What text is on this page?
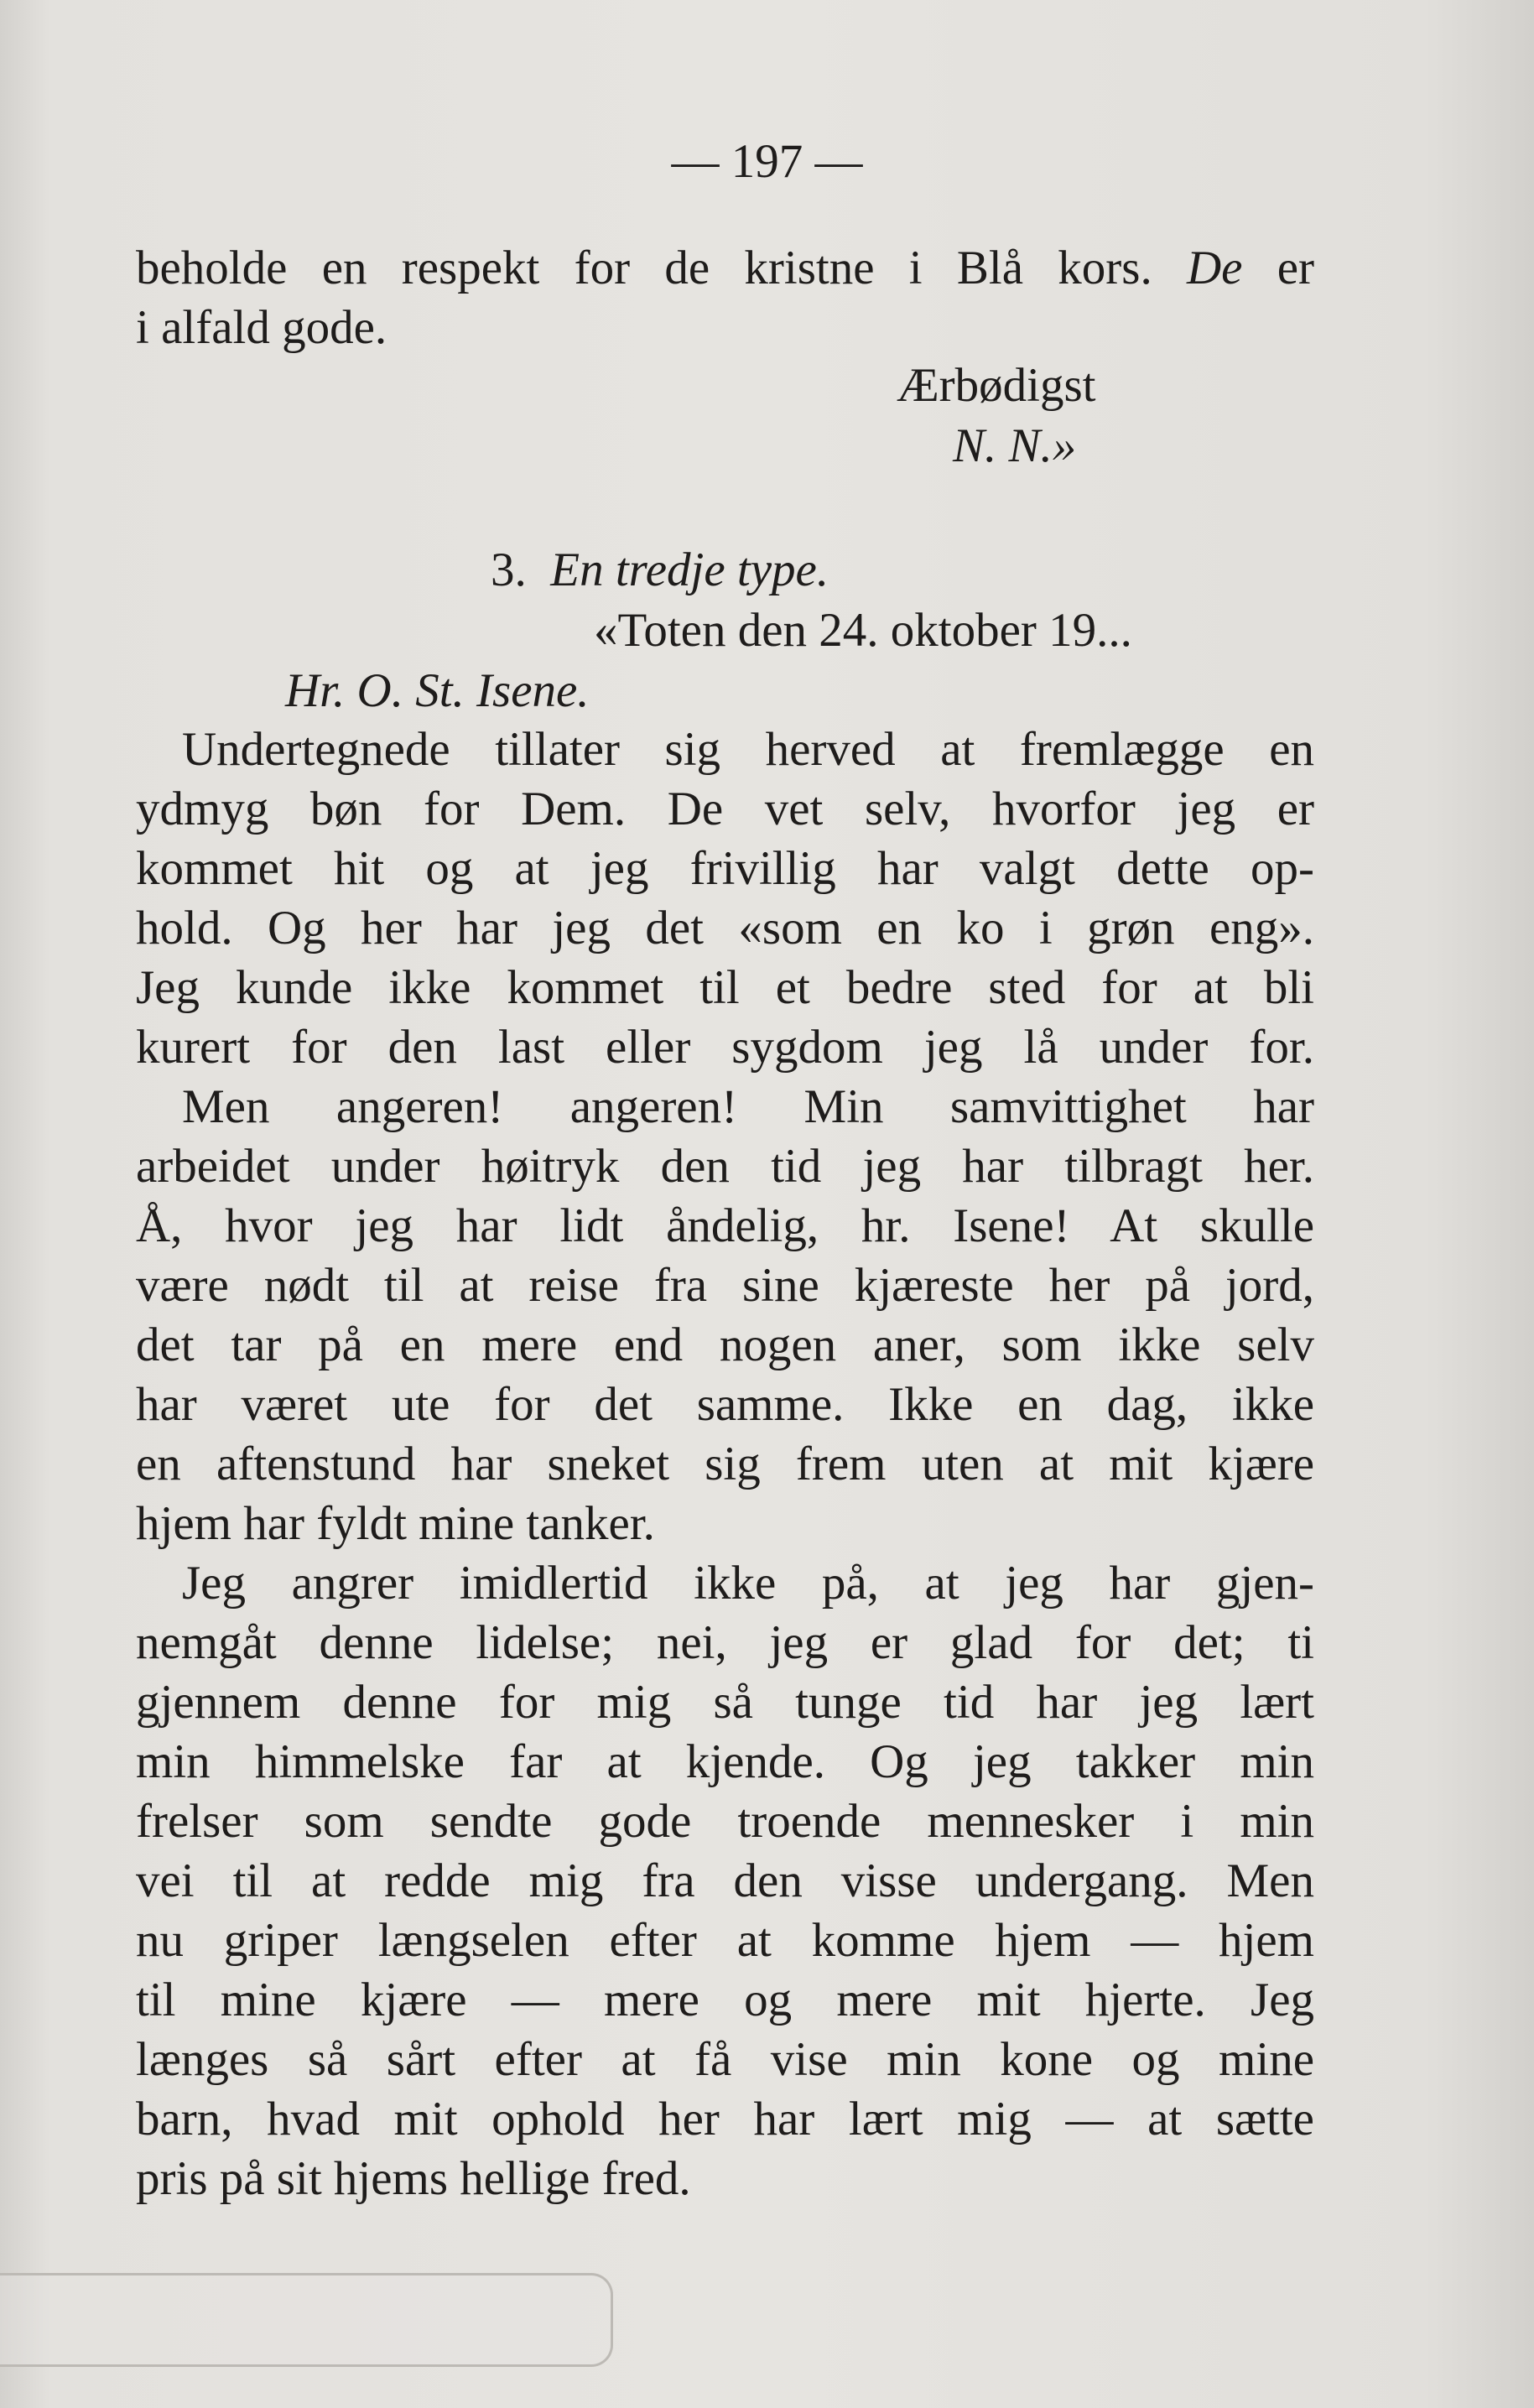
— 197 —
beholde en respekt for de kristne i Blå kors. De er
i alfald gode.
Ærbødigst
N. N.»
3. En tredje type.
«Toten den 24. oktober 19...
Hr. O. St. Isene.
Undertegnede tillater sig herved at fremlægge en
ydmyg bøn for Dem. De vet selv, hvorfor jeg er
kommet hit og at jeg frivillig har valgt dette op-
hold. Og her har jeg det «som en ko i grøn eng».
Jeg kunde ikke kommet til et bedre sted for at bli
kurert for den last eller sygdom jeg lå under for.
Men angeren! angeren! Min samvittighet har
arbeidet under høitryk den tid jeg har tilbragt her.
Å, hvor jeg har lidt åndelig, hr. Isene! At skulle
være nødt til at reise fra sine kjæreste her på jord,
det tar på en mere end nogen aner, som ikke selv
har været ute for det samme. Ikke en dag, ikke
en aftenstund har sneket sig frem uten at mit kjære
hjem har fyldt mine tanker.
Jeg angrer imidlertid ikke på, at jeg har gjen-
nemgåt denne lidelse; nei, jeg er glad for det; ti
gjennem denne for mig så tunge tid har jeg lært
min himmelske far at kjende. Og jeg takker min
frelser som sendte gode troende mennesker i min
vei til at redde mig fra den visse undergang. Men
nu griper længselen efter at komme hjem — hjem
til mine kjære — mere og mere mit hjerte. Jeg
længes så sårt efter at få vise min kone og mine
barn, hvad mit ophold her har lært mig — at sætte
pris på sit hjems hellige fred.
